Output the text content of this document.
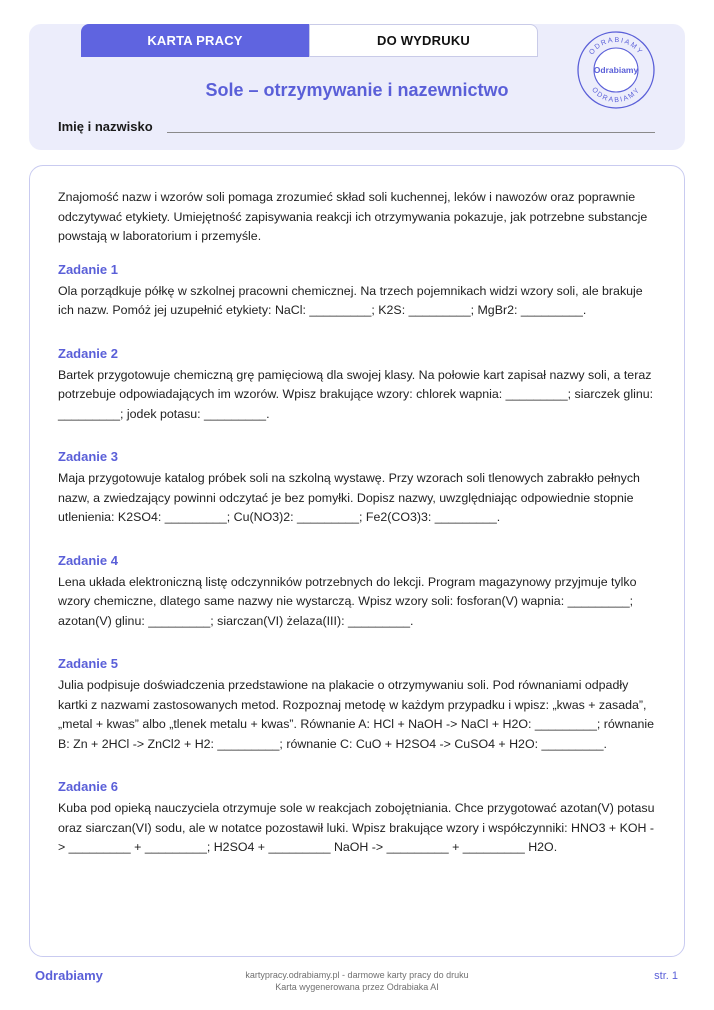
KARTA PRACY	DO WYDRUKU
ODRABIAMY
ODRABIAMY
Odrabiamy
Sole – otrzymywanie i nazewnictwo
Imię i nazwisko

Znajomość nazw i wzorów soli pomaga zrozumieć skład soli kuchennej, leków i nawozów oraz poprawnie odczytywać etykiety. Umiejętność zapisywania reakcji ich otrzymywania pokazuje, jak potrzebne substancje powstają w laboratorium i przemyśle.

Zadanie 1

Ola porządkuje półkę w szkolnej pracowni chemicznej. Na trzech pojemnikach widzi wzory soli, ale brakuje ich nazw. Pomóż jej uzupełnić etykiety: NaCl: _________; K2S: _________; MgBr2: _________.

Zadanie 2

Bartek przygotowuje chemiczną grę pamięciową dla swojej klasy. Na połowie kart zapisał nazwy soli, a teraz potrzebuje odpowiadających im wzorów. Wpisz brakujące wzory: chlorek wapnia: _________; siarczek glinu: _________; jodek potasu: _________.

Zadanie 3

Maja przygotowuje katalog próbek soli na szkolną wystawę. Przy wzorach soli tlenowych zabrakło pełnych nazw, a zwiedzający powinni odczytać je bez pomyłki. Dopisz nazwy, uwzględniając odpowiednie stopnie utlenienia: K2SO4: _________; Cu(NO3)2: _________; Fe2(CO3)3: _________.

Zadanie 4

Lena układa elektroniczną listę odczynników potrzebnych do lekcji. Program magazynowy przyjmuje tylko wzory chemiczne, dlatego same nazwy nie wystarczą. Wpisz wzory soli: fosforan(V) wapnia: _________; azotan(V) glinu: _________; siarczan(VI) żelaza(III): _________.

Zadanie 5

Julia podpisuje doświadczenia przedstawione na plakacie o otrzymywaniu soli. Pod równaniami odpadły kartki z nazwami zastosowanych metod. Rozpoznaj metodę w każdym przypadku i wpisz: „kwas + zasada”, „metal + kwas” albo „tlenek metalu + kwas”. Równanie A: HCl + NaOH -> NaCl + H2O: _________; równanie B: Zn + 2HCl -> ZnCl2 + H2: _________; równanie C: CuO + H2SO4 -> CuSO4 + H2O: _________.

Zadanie 6

Kuba pod opieką nauczyciela otrzymuje sole w reakcjach zobojętniania. Chce przygotować azotan(V) potasu oraz siarczan(VI) sodu, ale w notatce pozostawił luki. Wpisz brakujące wzory i współczynniki: HNO3 + KOH -> _________ + _________; H2SO4 + _________ NaOH -> _________ + _________ H2O.

Odrabiamy	kartypracy.odrabiamy.pl - darmowe karty pracy do druku
Karta wygenerowana przez Odrabiaka AI
str. 1
